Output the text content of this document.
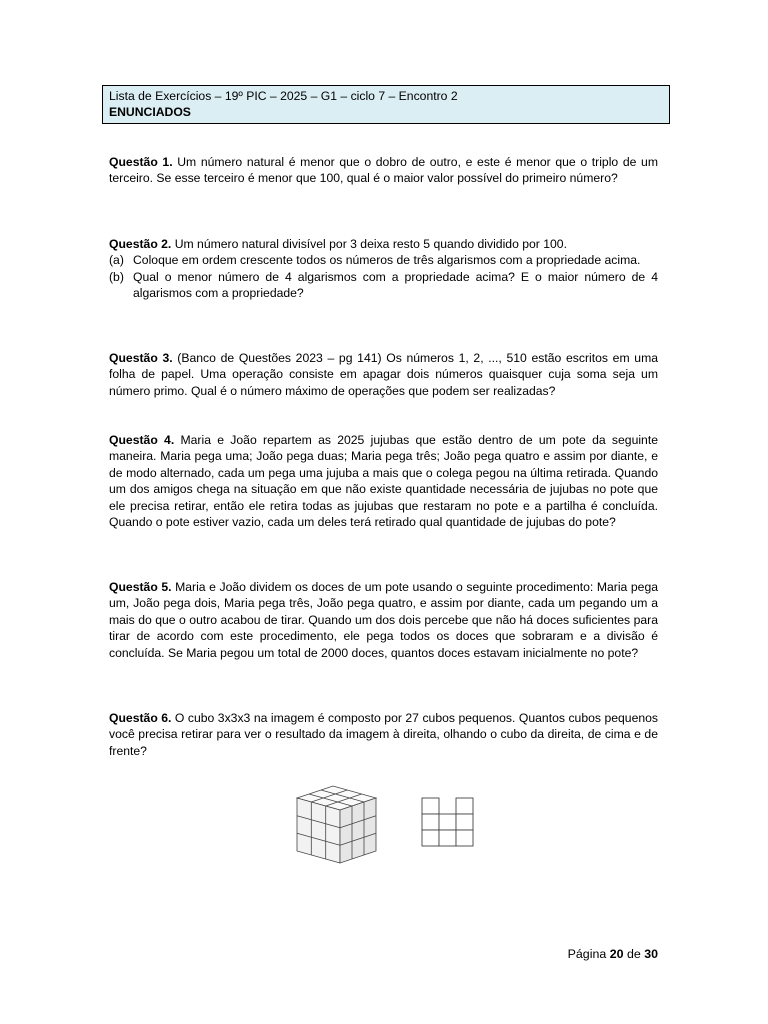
Lista de Exercícios – 19º PIC – 2025 – G1 – ciclo 7 – Encontro 2
ENUNCIADOS
Questão 1. Um número natural é menor que o dobro de outro, e este é menor que o triplo de um terceiro. Se esse terceiro é menor que 100, qual é o maior valor possível do primeiro número?
Questão 2. Um número natural divisível por 3 deixa resto 5 quando dividido por 100.
(a) Coloque em ordem crescente todos os números de três algarismos com a propriedade acima.
(b) Qual o menor número de 4 algarismos com a propriedade acima? E o maior número de 4 algarismos com a propriedade?
Questão 3. (Banco de Questões 2023 – pg 141) Os números 1, 2, ..., 510 estão escritos em uma folha de papel. Uma operação consiste em apagar dois números quaisquer cuja soma seja um número primo. Qual é o número máximo de operações que podem ser realizadas?
Questão 4. Maria e João repartem as 2025 jujubas que estão dentro de um pote da seguinte maneira. Maria pega uma; João pega duas; Maria pega três; João pega quatro e assim por diante, e de modo alternado, cada um pega uma jujuba a mais que o colega pegou na última retirada. Quando um dos amigos chega na situação em que não existe quantidade necessária de jujubas no pote que ele precisa retirar, então ele retira todas as jujubas que restaram no pote e a partilha é concluída. Quando o pote estiver vazio, cada um deles terá retirado qual quantidade de jujubas do pote?
Questão 5. Maria e João dividem os doces de um pote usando o seguinte procedimento: Maria pega um, João pega dois, Maria pega três, João pega quatro, e assim por diante, cada um pegando um a mais do que o outro acabou de tirar. Quando um dos dois percebe que não há doces suficientes para tirar de acordo com este procedimento, ele pega todos os doces que sobraram e a divisão é concluída. Se Maria pegou um total de 2000 doces, quantos doces estavam inicialmente no pote?
Questão 6. O cubo 3x3x3 na imagem é composto por 27 cubos pequenos. Quantos cubos pequenos você precisa retirar para ver o resultado da imagem à direita, olhando o cubo da direita, de cima e de frente?
Página 20 de 30
